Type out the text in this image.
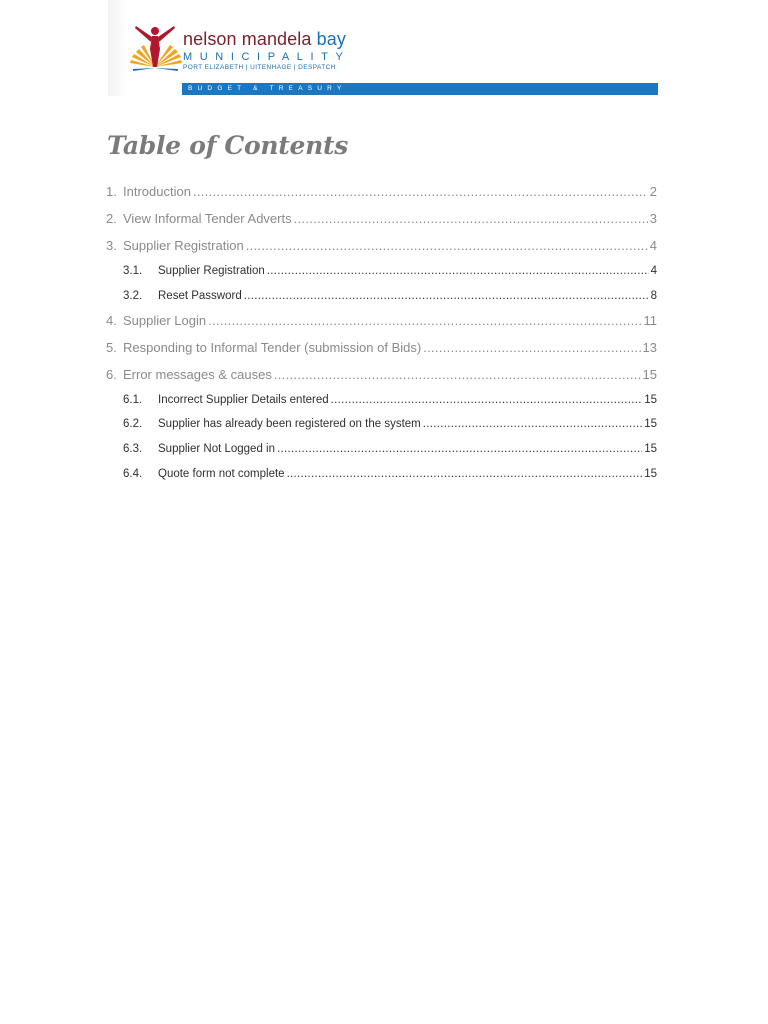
nelson mandela bay
MUNICIPALITY
PORT ELIZABETH | UITENHAGE | DESPATCH
BUDGET & TREASURY
Table of Contents
1. Introduction .....	2
2. View Informal Tender Adverts .....	3
3. Supplier Registration .....	4
3.1.	Supplier Registration .....	4
3.2.	Reset Password .....	8
4. Supplier Login .....	11
5. Responding to Informal Tender (submission of Bids) .....	13
6. Error messages & causes .....	15
6.1.	Incorrect Supplier Details entered .....	15
6.2.	Supplier has already been registered on the system .....	15
6.3.	Supplier Not Logged in .....	15
6.4.	Quote form not complete .....	15
